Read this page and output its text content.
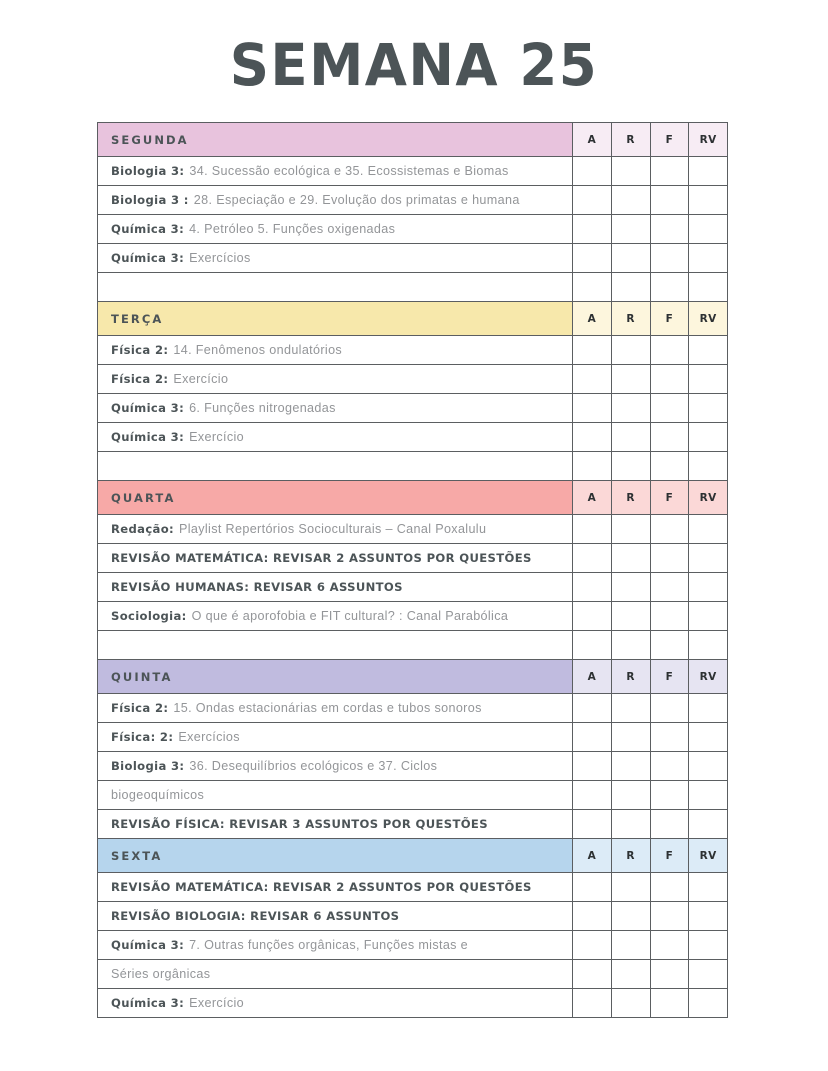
SEMANA 25
SEGUNDA	A	R	F	RV
Biologia 3: 34. Sucessão ecológica e 35. Ecossistemas e Biomas				
Biologia 3 : 28. Especiação e 29. Evolução dos primatas e humana				
Química 3: 4. Petróleo 5. Funções oxigenadas				
Química 3: Exercícios				

TERÇA	A	R	F	RV
Física 2: 14. Fenômenos ondulatórios				
Física 2: Exercício				
Química 3: 6. Funções nitrogenadas				
Química 3: Exercício				

QUARTA	A	R	F	RV
Redação: Playlist Repertórios Socioculturais – Canal Poxalulu				
REVISÃO MATEMÁTICA: REVISAR 2 ASSUNTOS POR QUESTÕES				
REVISÃO HUMANAS: REVISAR 6 ASSUNTOS				
Sociologia: O que é aporofobia e FIT cultural? : Canal Parabólica				

QUINTA	A	R	F	RV
Física 2: 15. Ondas estacionárias em cordas e tubos sonoros				
Física: 2: Exercícios				
Biologia 3: 36. Desequilíbrios ecológicos e 37. Ciclos				
biogeoquímicos				
REVISÃO FÍSICA: REVISAR 3 ASSUNTOS POR QUESTÕES				
SEXTA	A	R	F	RV
REVISÃO MATEMÁTICA: REVISAR 2 ASSUNTOS POR QUESTÕES				
REVISÃO BIOLOGIA: REVISAR 6 ASSUNTOS				
Química 3: 7. Outras funções orgânicas, Funções mistas e				
Séries orgânicas				
Química 3: Exercício				
